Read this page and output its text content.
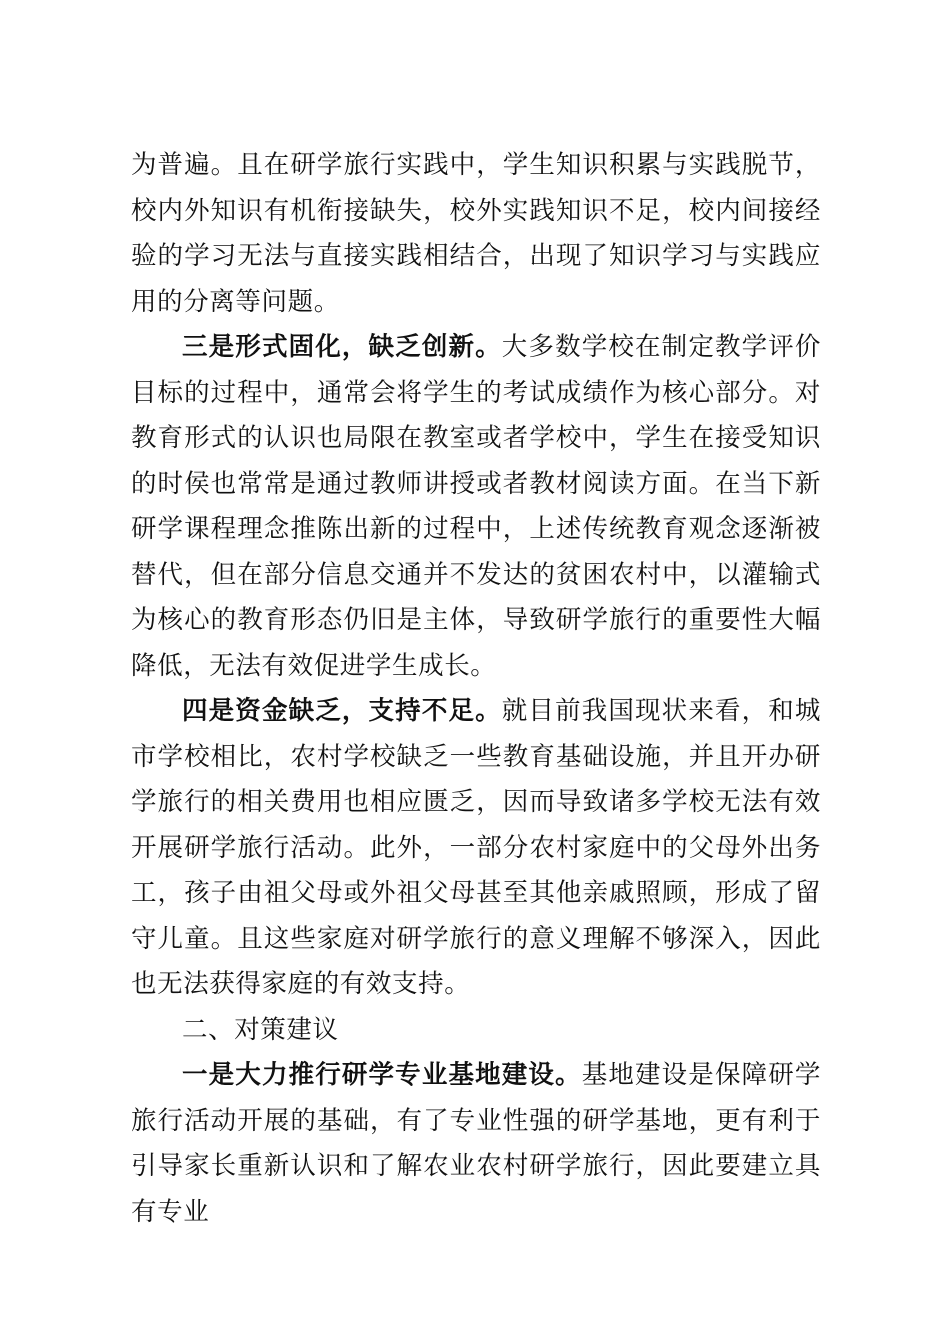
为普遍。且在研学旅行实践中，学生知识积累与实践脱节，校内外知识有机衔接缺失，校外实践知识不足，校内间接经验的学习无法与直接实践相结合，出现了知识学习与实践应用的分离等问题。

三是形式固化，缺乏创新。大多数学校在制定教学评价目标的过程中，通常会将学生的考试成绩作为核心部分。对教育形式的认识也局限在教室或者学校中，学生在接受知识的时侯也常常是通过教师讲授或者教材阅读方面。在当下新研学课程理念推陈出新的过程中，上述传统教育观念逐渐被替代，但在部分信息交通并不发达的贫困农村中，以灌输式为核心的教育形态仍旧是主体，导致研学旅行的重要性大幅降低，无法有效促进学生成长。

四是资金缺乏，支持不足。就目前我国现状来看，和城市学校相比，农村学校缺乏一些教育基础设施，并且开办研学旅行的相关费用也相应匮乏，因而导致诸多学校无法有效开展研学旅行活动。此外，一部分农村家庭中的父母外出务工，孩子由祖父母或外祖父母甚至其他亲戚照顾，形成了留守儿童。且这些家庭对研学旅行的意义理解不够深入，因此也无法获得家庭的有效支持。

二、对策建议

一是大力推行研学专业基地建设。基地建设是保障研学旅行活动开展的基础，有了专业性强的研学基地，更有利于引导家长重新认识和了解农业农村研学旅行，因此要建立具有专业
